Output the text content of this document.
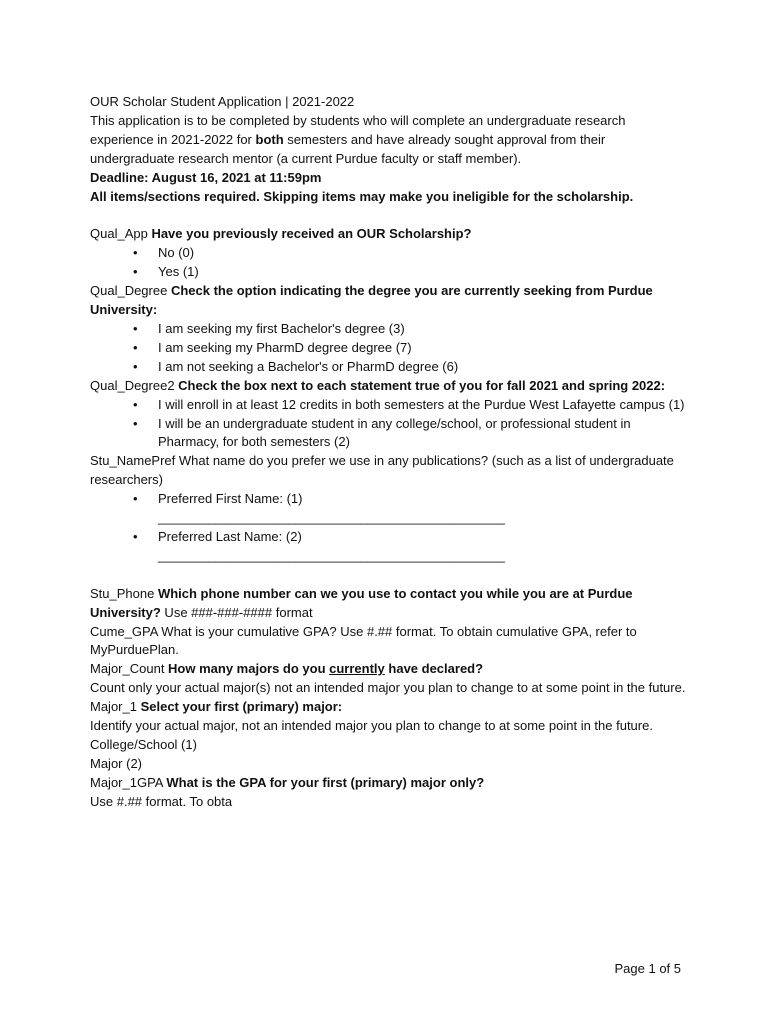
OUR Scholar Student Application | 2021-2022
This application is to be completed by students who will complete an undergraduate research experience in 2021-2022 for both semesters and have already sought approval from their undergraduate research mentor (a current Purdue faculty or staff member).
Deadline: August 16, 2021 at 11:59pm
All items/sections required. Skipping items may make you ineligible for the scholarship.
Qual_App Have you previously received an OUR Scholarship?
• No (0)
• Yes (1)
Qual_Degree Check the option indicating the degree you are currently seeking from Purdue University:
• I am seeking my first Bachelor's degree (3)
• I am seeking my PharmD degree degree (7)
• I am not seeking a Bachelor's or PharmD degree (6)
Qual_Degree2 Check the box next to each statement true of you for fall 2021 and spring 2022:
• I will enroll in at least 12 credits in both semesters at the Purdue West Lafayette campus (1)
• I will be an undergraduate student in any college/school, or professional student in Pharmacy, for both semesters (2)
Stu_NamePref What name do you prefer we use in any publications? (such as a list of undergraduate researchers)
• Preferred First Name: (1)
________________________________________________
• Preferred Last Name: (2)
________________________________________________
Stu_Phone Which phone number can we you use to contact you while you are at Purdue University? Use ###-###-#### format
Cume_GPA What is your cumulative GPA? Use #.## format. To obtain cumulative GPA, refer to MyPurduePlan.
Major_Count How many majors do you currently have declared?
Count only your actual major(s) not an intended major you plan to change to at some point in the future.
Major_1 Select your first (primary) major:
Identify your actual major, not an intended major you plan to change to at some point in the future.
College/School (1)
Major (2)
Major_1GPA What is the GPA for your first (primary) major only?
Use #.## format. To obta
Page 1 of 5
